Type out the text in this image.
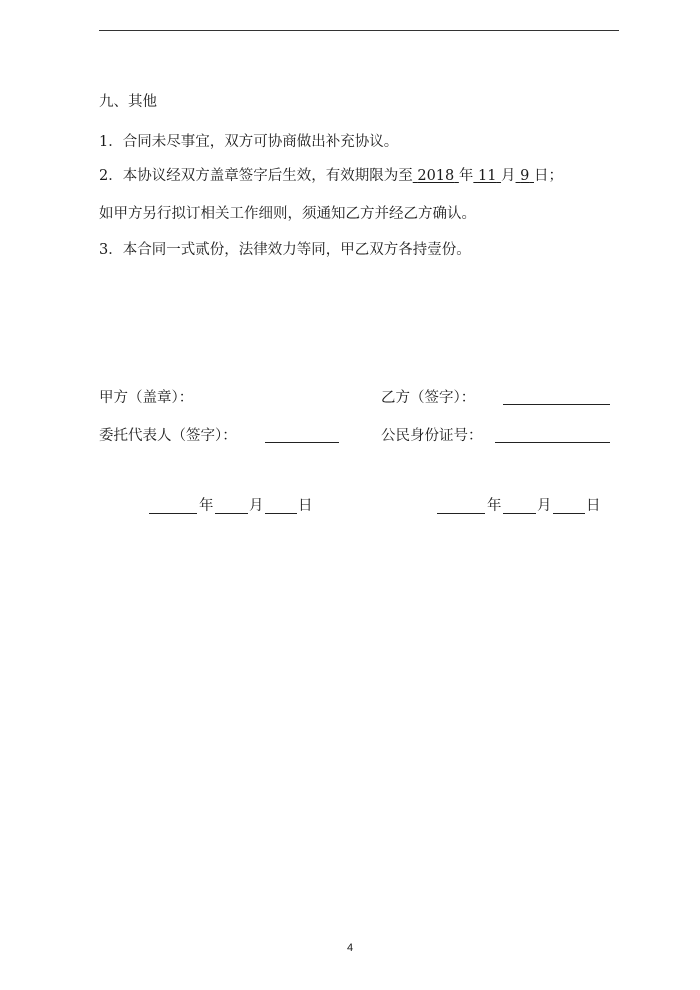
九、其他
1．合同未尽事宜，双方可协商做出补充协议。
2．本协议经双方盖章签字后生效，有效期限为至 2018 年 11 月 9 日；
如甲方另行拟订相关工作细则，须通知乙方并经乙方确认。
3．本合同一式贰份，法律效力等同，甲乙双方各持壹份。
甲方（盖章）：	乙方（签字）：
委托代表人（签字）：	公民身份证号：
年 月 日	年 月 日
4
